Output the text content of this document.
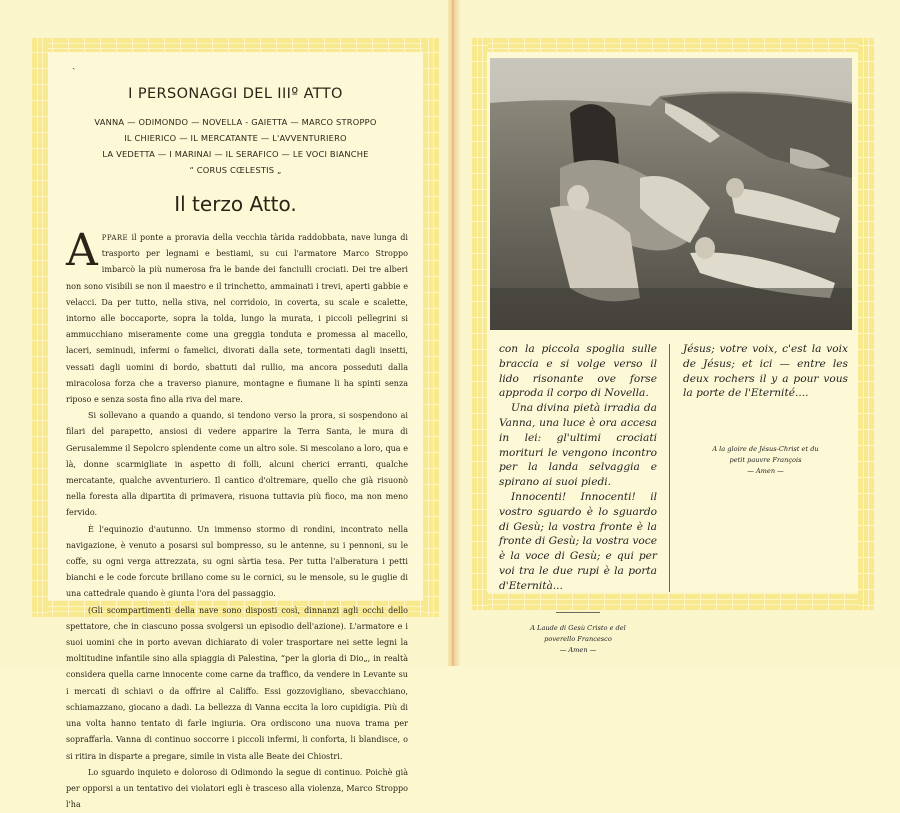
I PERSONAGGI DEL IIIº ATTO
VANNA — ODIMONDO — NOVELLA - GAIETTA — MARCO STROPPO
IL CHIERICO — IL MERCATANTE — L'AVVENTURIERO
LA VEDETTA — I MARINAI — IL SERAFICO — LE VOCI BIANCHE
“ CORUS CŒLESTIS „
Il terzo Atto.

APPARE il ponte a proravia della vecchia tàrida raddobbata, nave lunga di trasporto per legnami e bestiami, su cui l'armatore Marco Stroppo imbarcò la più numerosa fra le bande dei fanciulli crociati. Dei tre alberi non sono visibili se non il maestro e il trinchetto, ammainati i trevi, aperti gabbie e velacci. Da per tutto, nella stiva, nel corridoio, in coverta, su scale e scalette, intorno alle boccaporte, sopra la tolda, lungo la murata, i piccoli pellegrini si ammucchiano miseramente come una greggia tonduta e promessa al macello, laceri, seminudi, infermi o famelici, divorati dalla sete, tormentati dagli insetti, vessati dagli uomini di bordo, sbattuti dal rullio, ma ancora posseduti dalla miracolosa forza che a traverso pianure, montagne e fiumane li ha spinti senza riposo e senza sosta fino alla riva del mare.

Si sollevano a quando a quando, si tendono verso la prora, si sospendono ai filari del parapetto, ansiosi di vedere apparire la Terra Santa, le mura di Gerusalemme il Sepolcro splendente come un altro sole. Si mescolano a loro, qua e là, donne scarmigliate in aspetto di folli, alcuni cherici erranti, qualche mercatante, qualche avventuriero. Il cantico d'oltremare, quello che già risuonò nella foresta alla dipartita di primavera, risuona tuttavia più fioco, ma non meno fervido.

È l'equinozio d'autunno. Un immenso stormo di rondini, incontrato nella navigazione, è venuto a posarsi sul bompresso, su le antenne, su i pennoni, su le coffe, su ogni verga attrezzata, su ogni sàrtia tesa. Per tutta l'alberatura i petti bianchi e le code forcute brillano come su le cornici, su le mensole, su le guglie di una cattedrale quando è giunta l'ora del passaggio.

(Gli scompartimenti della nave sono disposti così, dinnanzi agli occhi dello spettatore, che in ciascuno possa svolgersi un episodio dell'azione). L'armatore e i suoi uomini che in porto avevan dichiarato di voler trasportare nei sette legni la moltitudine infantile sino alla spiaggia di Palestina, “per la gloria di Dio„, in realtà considera quella carne innocente come carne da traffico, da vendere in Levante su i mercati di schiavi o da offrire al Califfo. Essi gozzovigliano, sbevacchiano, schiamazzano, giocano a dadi. La bellezza di Vanna eccita la loro cupidigia. Più di una volta hanno tentato di farle ingiuria. Ora ordiscono una nuova trama per sopraffarla. Vanna di continuo soccorre i piccoli infermi, li conforta, li blandisce, o si ritira in disparte a pregare, simile in vista alle Beate dei Chiostri.

Lo sguardo inquieto e doloroso di Odimondo la segue di continuo. Poichè già per opporsi a un tentativo dei violatori egli è trasceso alla violenza, Marco Stroppo l'ha

ˏ

con la piccola spoglia sulle braccia e si volge verso il lido risonante ove forse approda il corpo di Novella.

Una divina pietà irradia da Vanna, una luce è ora accesa in lei: gl'ultimi crociati morituri le vengono incontro per la landa selvaggia e spirano ai suoi piedi.

Innocenti! Innocenti! il vostro sguardo è lo sguardo di Gesù; la vostra fronte è la fronte di Gesù; la vostra voce è la voce di Gesù; e qui per voi tra le due rupi è la porta d'Eternità...

A Laude di Gesù Cristo e del
poverello Francesco
— Amen —

Jésus; votre voix, c'est la voix de Jésus; et ici — entre les deux rochers il y a pour vous la porte de l'Eternité....

A la gloire de Jésus-Christ et du
petit pauvre François
— Amen —
